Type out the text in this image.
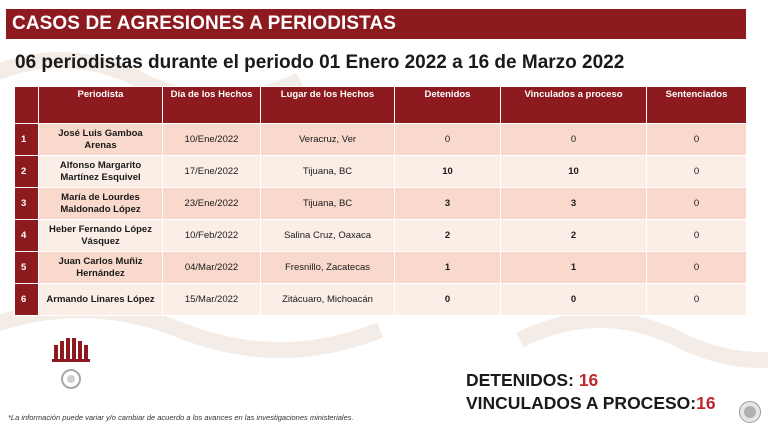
CASOS DE AGRESIONES A PERIODISTAS
06 periodistas durante el periodo 01 Enero 2022 a 16 de Marzo 2022
	Periodista	Día de los Hechos	Lugar de los Hechos	Detenidos	Vinculados a proceso	Sentenciados
1	José Luis Gamboa Arenas	10/Ene/2022	Veracruz, Ver	0	0	0
2	Alfonso Margarito Martínez Esquivel	17/Ene/2022	Tijuana, BC	10	10	0
3	María de Lourdes Maldonado López	23/Ene/2022	Tijuana, BC	3	3	0
4	Heber Fernando López Vásquez	10/Feb/2022	Salina Cruz, Oaxaca	2	2	0
5	Juan Carlos Muñiz Hernández	04/Mar/2022	Fresnillo, Zacatecas	1	1	0
6	Armando Linares López	15/Mar/2022	Zitácuaro, Michoacán	0	0	0
DETENIDOS: 16
VINCULADOS A PROCESO:16
*La información puede variar y/o cambiar de acuerdo a los avances en las investigaciones ministeriales.
